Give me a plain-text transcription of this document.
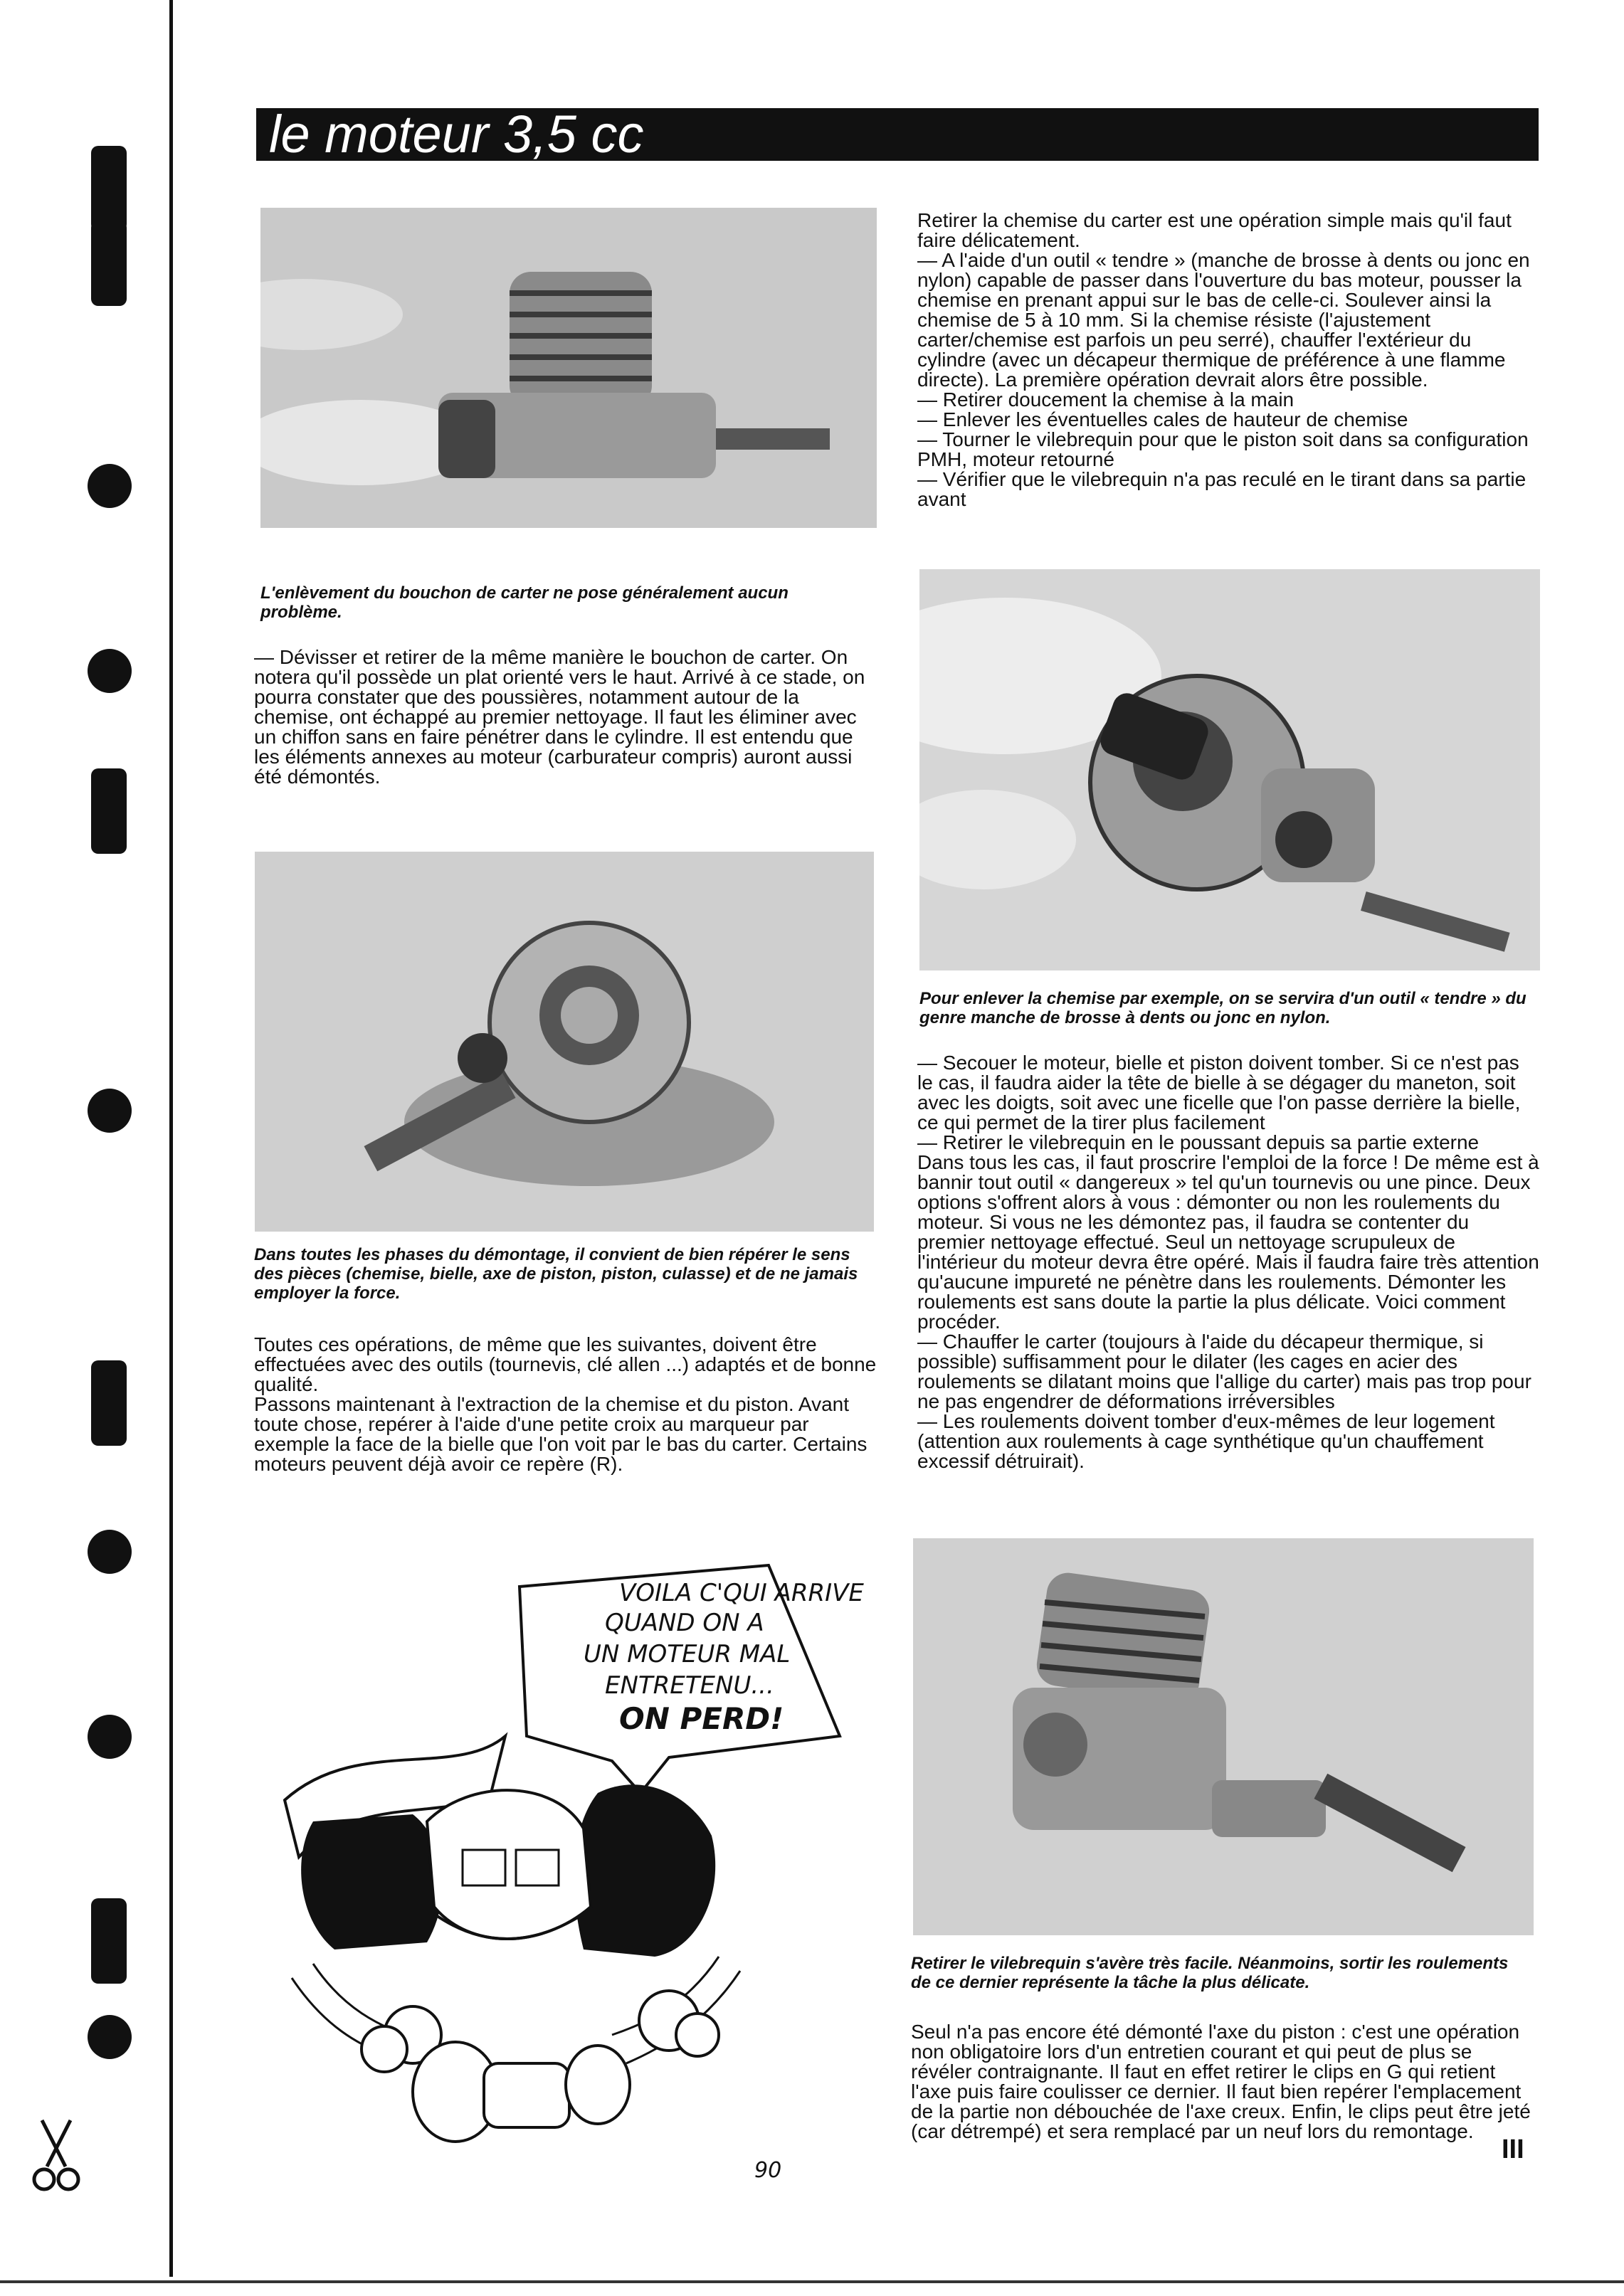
le moteur 3,5 cc

L'enlèvement du bouchon de carter ne pose généralement aucun problème.

— Dévisser et retirer de la même manière le bouchon de carter. On notera qu'il possède un plat orienté vers le haut. Arrivé à ce stade, on pourra constater que des poussières, notamment autour de la chemise, ont échappé au premier nettoyage. Il faut les éliminer avec un chiffon sans en faire pénétrer dans le cylindre. Il est entendu que les éléments annexes au moteur (carburateur compris) auront aussi été démontés.

Dans toutes les phases du démontage, il convient de bien répérer le sens des pièces (chemise, bielle, axe de piston, piston, culasse) et de ne jamais employer la force.

Toutes ces opérations, de même que les suivantes, doivent être effectuées avec des outils (tournevis, clé allen ...) adaptés et de bonne qualité.

Passons maintenant à l'extraction de la chemise et du piston. Avant toute chose, repérer à l'aide d'une petite croix au marqueur par exemple la face de la bielle que l'on voit par le bas du carter. Certains moteurs peuvent déjà avoir ce repère (R).

VOILA C'QUI ARRIVE
QUAND ON A
UN MOTEUR MAL
ENTRETENU...
ON PERD!
90

Retirer la chemise du carter est une opération simple mais qu'il faut faire délicatement.

— A l'aide d'un outil « tendre » (manche de brosse à dents ou jonc en nylon) capable de passer dans l'ouverture du bas moteur, pousser la chemise en prenant appui sur le bas de celle-ci. Soulever ainsi la chemise de 5 à 10 mm. Si la chemise résiste (l'ajustement carter/chemise est parfois un peu serré), chauffer l'extérieur du cylindre (avec un décapeur thermique de préférence à une flamme directe). La première opération devrait alors être possible.

— Retirer doucement la chemise à la main

— Enlever les éventuelles cales de hauteur de chemise

— Tourner le vilebrequin pour que le piston soit dans sa configuration PMH, moteur retourné

— Vérifier que le vilebrequin n'a pas reculé en le tirant dans sa partie avant

Pour enlever la chemise par exemple, on se servira d'un outil « tendre » du genre manche de brosse à dents ou jonc en nylon.

— Secouer le moteur, bielle et piston doivent tomber. Si ce n'est pas le cas, il faudra aider la tête de bielle à se dégager du maneton, soit avec les doigts, soit avec une ficelle que l'on passe derrière la bielle, ce qui permet de la tirer plus facilement

— Retirer le vilebrequin en le poussant depuis sa partie externe

Dans tous les cas, il faut proscrire l'emploi de la force ! De même est à bannir tout outil « dangereux » tel qu'un tournevis ou une pince. Deux options s'offrent alors à vous : démonter ou non les roulements du moteur. Si vous ne les démontez pas, il faudra se contenter du premier nettoyage effectué. Seul un nettoyage scrupuleux de l'intérieur du moteur devra être opéré. Mais il faudra faire très attention qu'aucune impureté ne pénètre dans les roulements. Démonter les roulements est sans doute la partie la plus délicate. Voici comment procéder.

— Chauffer le carter (toujours à l'aide du décapeur thermique, si possible) suffisamment pour le dilater (les cages en acier des roulements se dilatant moins que l'allige du carter) mais pas trop pour ne pas engendrer de déformations irréversibles

— Les roulements doivent tomber d'eux-mêmes de leur logement (attention aux roulements à cage synthétique qu'un chauffement excessif détruirait).

Retirer le vilebrequin s'avère très facile. Néanmoins, sortir les roulements de ce dernier représente la tâche la plus délicate.

Seul n'a pas encore été démonté l'axe du piston : c'est une opération non obligatoire lors d'un entretien courant et qui peut de plus se révéler contraignante. Il faut en effet retirer le clips en G qui retient l'axe puis faire coulisser ce dernier. Il faut bien repérer l'emplacement de la partie non débouchée de l'axe creux. Enfin, le clips peut être jeté (car détrempé) et sera remplacé par un neuf lors du remontage.

III
